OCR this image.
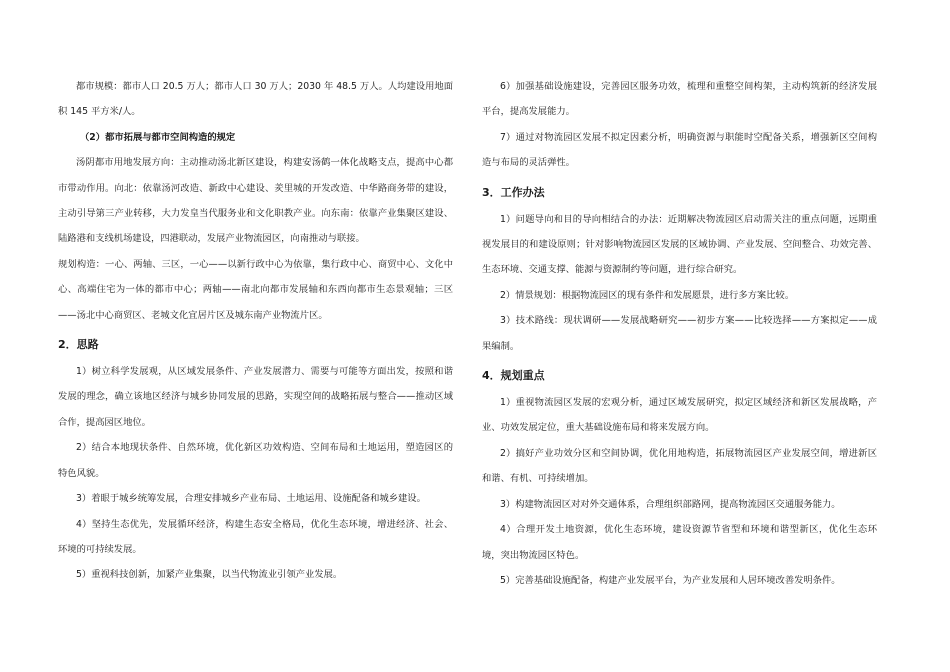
都市规模：都市人口 20.5 万人；都市人口 30 万人；2030 年 48.5 万人。人均建设用地面积 145 平方米/人。

（2）都市拓展与都市空间构造的规定

汤阴都市用地发展方向：主动推动汤北新区建设，构建安汤鹤一体化战略支点，提高中心都市带动作用。向北：依靠汤河改造、新政中心建设、羑里城的开发改造、中华路商务带的建设，主动引导第三产业转移，大力发皇当代服务业和文化职教产业。向东南：依靠产业集聚区建设、陆路港和支线机场建设，四港联动，发展产业物流园区，向南推动与联接。

规划构造：一心、两轴、三区，一心——以新行政中心为依靠，集行政中心、商贸中心、文化中心、高端住宅为一体的都市中心；两轴——南北向都市发展轴和东西向都市生态景观轴；三区——汤北中心商贸区、老城文化宜居片区及城东南产业物流片区。

2．思路

1）树立科学发展观，从区域发展条件、产业发展潜力、需要与可能等方面出发，按照和谐发展的理念，确立该地区经济与城乡协同发展的思路，实现空间的战略拓展与整合——推动区域合作，提高园区地位。

2）结合本地现状条件、自然环境，优化新区功效构造、空间布局和土地运用，塑造园区的特色风貌。

3）着眼于城乡统筹发展，合理安排城乡产业布局、土地运用、设施配备和城乡建设。

4）坚持生态优先，发展循环经济，构建生态安全格局，优化生态环境，增进经济、社会、环境的可持续发展。

5）重视科技创新，加紧产业集聚，以当代物流业引领产业发展。

6）加强基础设施建设，完善园区服务功效，梳理和重整空间构架，主动构筑新的经济发展平台，提高发展能力。

7）通过对物流园区发展不拟定因素分析，明确资源与职能时空配备关系，增强新区空间构造与布局的灵活弹性。

3．工作办法

1）问题导向和目的导向相结合的办法：近期解决物流园区启动需关注的重点问题，远期重视发展目的和建设原则；针对影响物流园区发展的区域协调、产业发展、空间整合、功效完善、生态环境、交通支撑、能源与资源制约等问题，进行综合研究。

2）情景规划：根据物流园区的现有条件和发展愿景，进行多方案比较。

3）技术路线：现状调研——发展战略研究——初步方案——比较选择——方案拟定——成果编制。

4．规划重点

1）重视物流园区发展的宏观分析，通过区域发展研究，拟定区域经济和新区发展战略，产业、功效发展定位，重大基础设施布局和将来发展方向。

2）搞好产业功效分区和空间协调，优化用地构造，拓展物流园区产业发展空间，增进新区和谐、有机、可持续增加。

3）构建物流园区对对外交通体系，合理组织部路网，提高物流园区交通服务能力。

4）合理开发土地资源，优化生态环境，建设资源节省型和环境和谐型新区，优化生态环境，突出物流园区特色。

5）完善基础设施配备，构建产业发展平台，为产业发展和人居环境改善发明条件。
